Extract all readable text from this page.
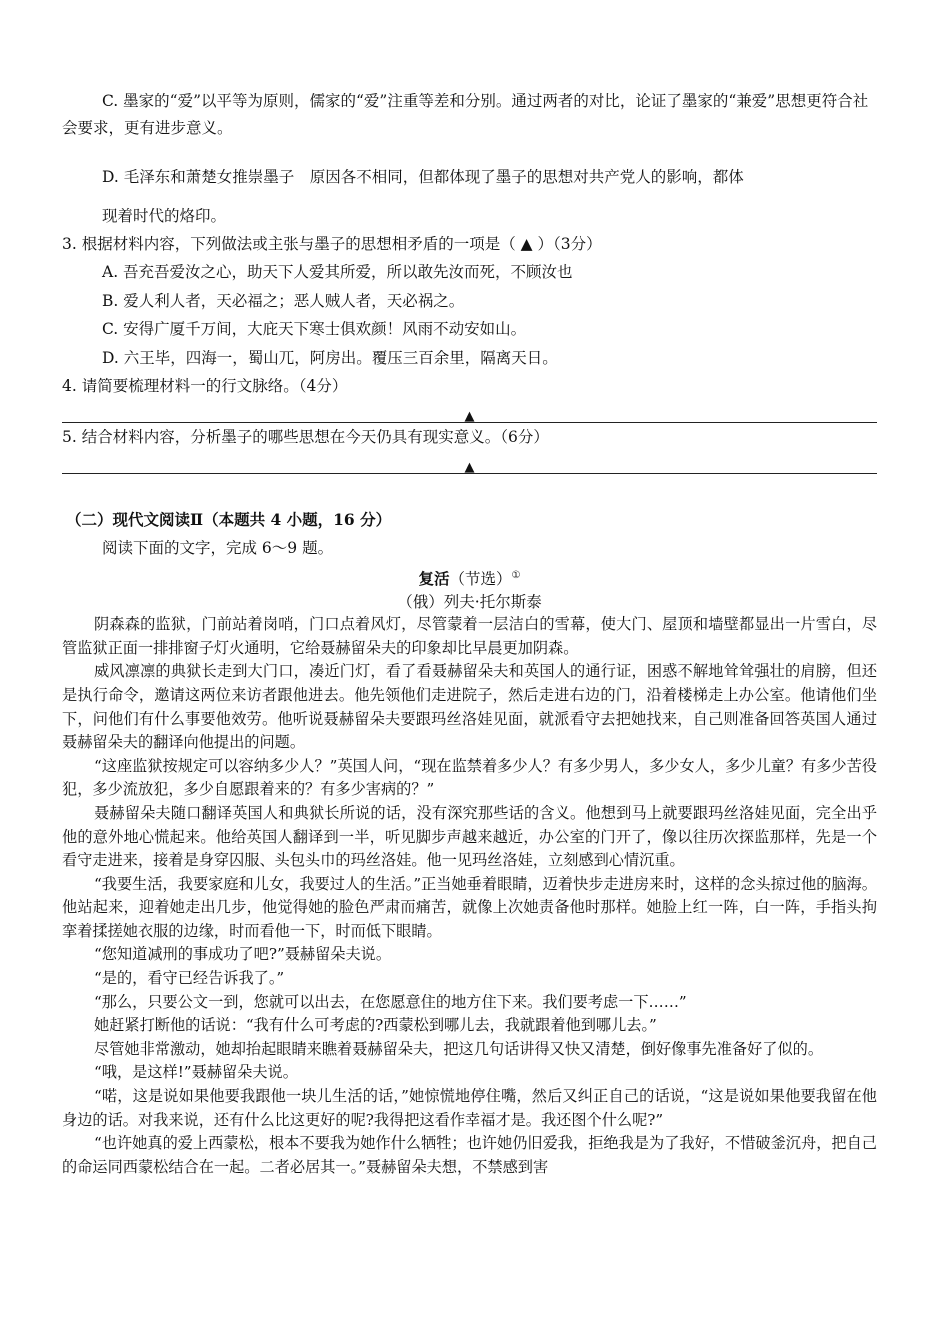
C. 墨家的“爱”以平等为原则，儒家的“爱”注重等差和分别。通过两者的对比，论证了墨家的“兼爱”思想更符合社会要求，更有进步意义。

D. 毛泽东和萧楚女推崇墨子　原因各不相同，但都体现了墨子的思想对共产党人的影响，都体

现着时代的烙印。

3. 根据材料内容，下列做法或主张与墨子的思想相矛盾的一项是（ ▲ ）（3分）

A. 吾充吾爱汝之心，助天下人爱其所爱，所以敢先汝而死，不顾汝也

B. 爱人利人者，天必福之；恶人贼人者，天必祸之。

C. 安得广厦千万间，大庇天下寒士俱欢颜！风雨不动安如山。

D. 六王毕，四海一，蜀山兀，阿房出。覆压三百余里，隔离天日。

4. 请简要梳理材料一的行文脉络。（4分）

▲

5. 结合材料内容，分析墨子的哪些思想在今天仍具有现实意义。（6分）

▲

（二）现代文阅读Ⅱ（本题共 4 小题，16 分）

阅读下面的文字，完成 6～9 题。

复活（节选）①
（俄）列夫·托尔斯泰

阴森森的监狱，门前站着岗哨，门口点着风灯，尽管蒙着一层洁白的雪幕，使大门、屋顶和墙壁都显出一片雪白，尽管监狱正面一排排窗子灯火通明，它给聂赫留朵夫的印象却比早晨更加阴森。

威风凛凛的典狱长走到大门口，凑近门灯，看了看聂赫留朵夫和英国人的通行证，困惑不解地耸耸强壮的肩膀，但还是执行命令，邀请这两位来访者跟他进去。他先领他们走进院子，然后走进右边的门，沿着楼梯走上办公室。他请他们坐下，问他们有什么事要他效劳。他听说聂赫留朵夫要跟玛丝洛娃见面，就派看守去把她找来，自己则准备回答英国人通过聂赫留朵夫的翻译向他提出的问题。

“这座监狱按规定可以容纳多少人？”英国人问，“现在监禁着多少人？有多少男人，多少女人，多少儿童？有多少苦役犯，多少流放犯，多少自愿跟着来的？有多少害病的？”

聂赫留朵夫随口翻译英国人和典狱长所说的话，没有深究那些话的含义。他想到马上就要跟玛丝洛娃见面，完全出乎他的意外地心慌起来。他给英国人翻译到一半，听见脚步声越来越近，办公室的门开了，像以往历次探监那样，先是一个看守走进来，接着是身穿囚服、头包头巾的玛丝洛娃。他一见玛丝洛娃，立刻感到心情沉重。

“我要生活，我要家庭和儿女，我要过人的生活。”正当她垂着眼睛，迈着快步走进房来时，这样的念头掠过他的脑海。他站起来，迎着她走出几步，他觉得她的脸色严肃而痛苦，就像上次她责备他时那样。她脸上红一阵，白一阵，手指头拘挛着揉搓她衣服的边缘，时而看他一下，时而低下眼睛。

“您知道减刑的事成功了吧?”聂赫留朵夫说。

“是的，看守已经告诉我了。”

“那么，只要公文一到，您就可以出去，在您愿意住的地方住下来。我们要考虑一下……”

她赶紧打断他的话说：“我有什么可考虑的?西蒙松到哪儿去，我就跟着他到哪儿去。”

尽管她非常激动，她却抬起眼睛来瞧着聂赫留朵夫，把这几句话讲得又快又清楚，倒好像事先准备好了似的。

“哦，是这样!”聂赫留朵夫说。

“喏，这是说如果他要我跟他一块儿生活的话，”她惊慌地停住嘴，然后又纠正自己的话说，“这是说如果他要我留在他身边的话。对我来说，还有什么比这更好的呢?我得把这看作幸福才是。我还图个什么呢?”

“也许她真的爱上西蒙松，根本不要我为她作什么牺牲；也许她仍旧爱我，拒绝我是为了我好，不惜破釜沉舟，把自己的命运同西蒙松结合在一起。二者必居其一。”聂赫留朵夫想，不禁感到害
